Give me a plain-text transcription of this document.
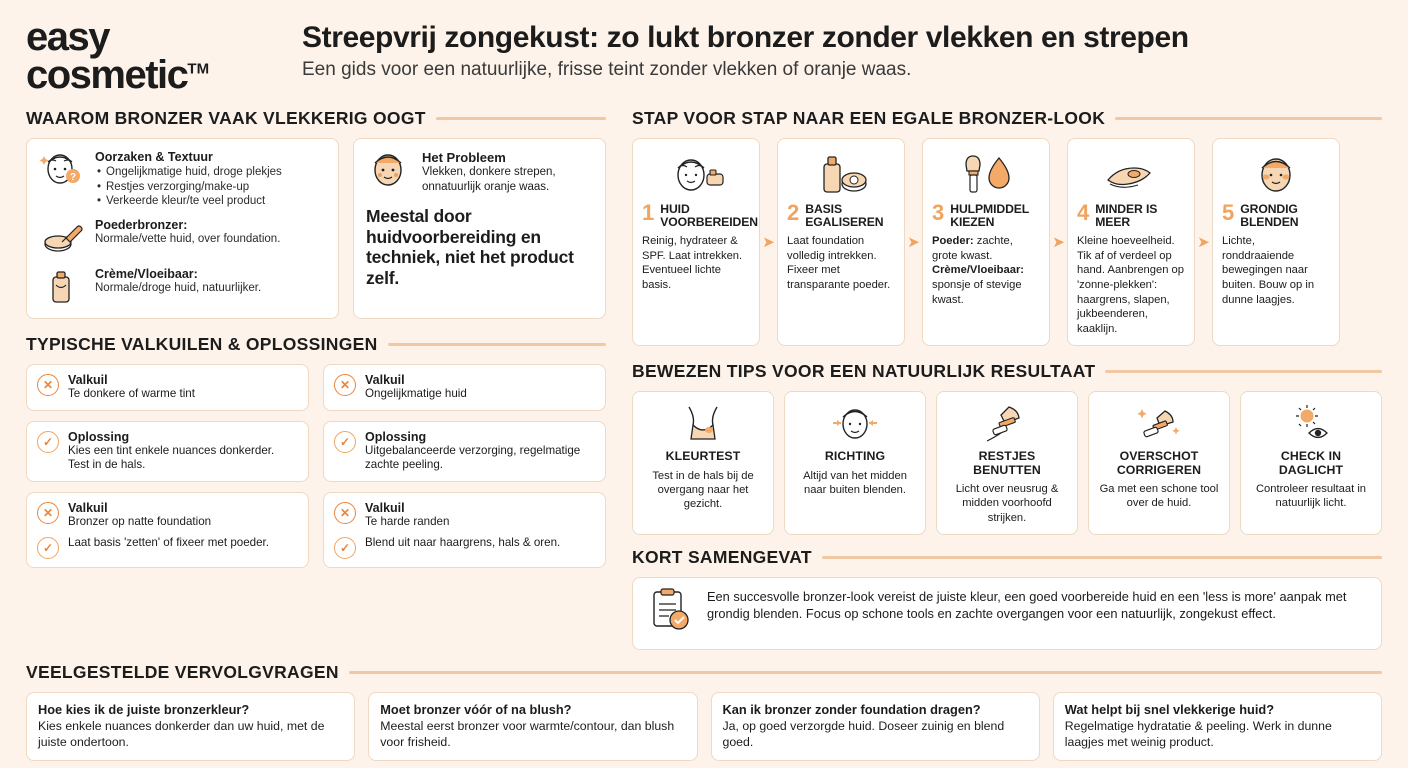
easy
cosmetic™
Streepvrij zongekust: zo lukt bronzer zonder vlekken en strepen
Een gids voor een natuurlijke, frisse teint zonder vlekken of oranje waas.
WAAROM BRONZER VAAK VLEKKERIG OOGT
?
Oorzaken & Textuur
• Ongelijkmatige huid, droge plekjes
• Restjes verzorging/make-up
• Verkeerde kleur/te veel product
Poederbronzer:
Normale/vette huid, over foundation.
Crème/Vloeibaar:
Normale/droge huid, natuurlijker.
Het Probleem
Vlekken, donkere strepen, onnatuurlijk oranje waas.
Meestal door huidvoorbereiding en techniek, niet het product zelf.
TYPISCHE VALKUILEN & OPLOSSINGEN
✕	Valkuil
Te donkere of warme tint
✓	Oplossing
Kies een tint enkele nuances donkerder. Test in de hals.
✕	Valkuil
Bronzer op natte foundation
✓	Laat basis 'zetten' of fixeer met poeder.
✕	Valkuil
Ongelijkmatige huid
✓	Oplossing
Uitgebalanceerde verzorging, regelmatige zachte peeling.
✕	Valkuil
Te harde randen
✓	Blend uit naar haargrens, hals & oren.
STAP VOOR STAP NAAR EEN EGALE BRONZER-LOOK
1 HUID VOORBEREIDEN
Reinig, hydrateer & SPF. Laat intrekken. Eventueel lichte basis.
➤
2 BASIS EGALISEREN
Laat foundation volledig intrekken. Fixeer met transparante poeder.
➤
3 HULPMIDDEL KIEZEN
Poeder: zachte, grote kwast. Crème/Vloeibaar: sponsje of stevige kwast.
➤
4 MINDER IS MEER
Kleine hoeveelheid. Tik af of verdeel op hand. Aanbrengen op 'zonne-plekken': haargrens, slapen, jukbeenderen, kaaklijn.
➤
5 GRONDIG BLENDEN
Lichte, ronddraaiende bewegingen naar buiten. Bouw op in dunne laagjes.
BEWEZEN TIPS VOOR EEN NATUURLIJK RESULTAAT
KLEURTEST
Test in de hals bij de overgang naar het gezicht.
RICHTING
Altijd van het midden naar buiten blenden.
RESTJES BENUTTEN
Licht over neusrug & midden voorhoofd strijken.
OVERSCHOT CORRIGEREN
Ga met een schone tool over de huid.
CHECK IN DAGLICHT
Controleer resultaat in natuurlijk licht.
KORT SAMENGEVAT
Een succesvolle bronzer-look vereist de juiste kleur, een goed voorbereide huid en een 'less is more' aanpak met grondig blenden. Focus op schone tools en zachte overgangen voor een natuurlijk, zongekust effect.
VEELGESTELDE VERVOLGVRAGEN
Hoe kies ik de juiste bronzerkleur?
Kies enkele nuances donkerder dan uw huid, met de juiste ondertoon.
Moet bronzer vóór of na blush?
Meestal eerst bronzer voor warmte/contour, dan blush voor frisheid.
Kan ik bronzer zonder foundation dragen?
Ja, op goed verzorgde huid. Doseer zuinig en blend goed.
Wat helpt bij snel vlekkerige huid?
Regelmatige hydratatie & peeling. Werk in dunne laagjes met weinig product.
